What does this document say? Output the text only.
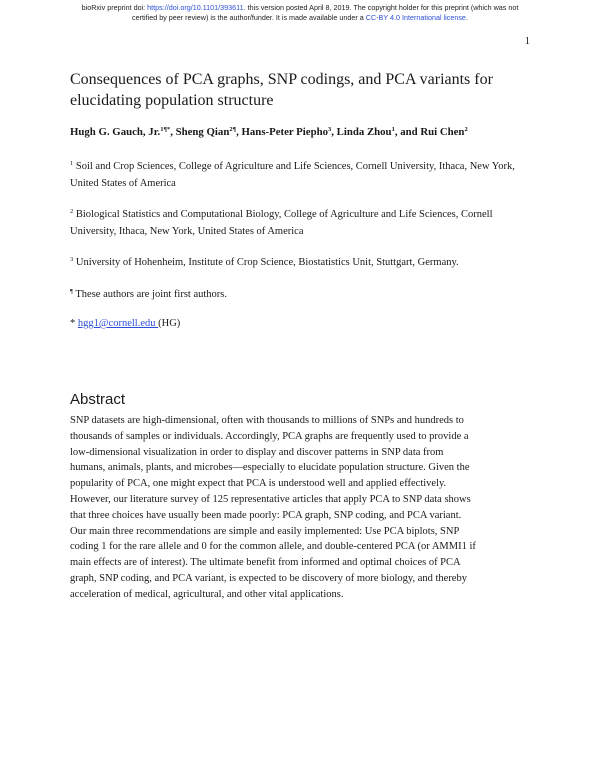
bioRxiv preprint doi: https://doi.org/10.1101/393611. this version posted April 8, 2019. The copyright holder for this preprint (which was not
certified by peer review) is the author/funder. It is made available under a CC-BY 4.0 International license.
1
Consequences of PCA graphs, SNP codings, and PCA variants for elucidating population structure
Hugh G. Gauch, Jr.$^{1\P*}$, Sheng Qian$^{2\P}$, Hans-Peter Piepho$^3$, Linda Zhou$^1$, and Rui Chen$^2$
$^1$ Soil and Crop Sciences, College of Agriculture and Life Sciences, Cornell University, Ithaca, New York, United States of America
$^2$ Biological Statistics and Computational Biology, College of Agriculture and Life Sciences, Cornell University, Ithaca, New York, United States of America
$^3$ University of Hohenheim, Institute of Crop Science, Biostatistics Unit, Stuttgart, Germany.
¶ These authors are joint first authors.
* hgg1@cornell.edu (HG)
Abstract

SNP datasets are high-dimensional, often with thousands to millions of SNPs and hundreds to
thousands of samples or individuals. Accordingly, PCA graphs are frequently used to provide a
low-dimensional visualization in order to display and discover patterns in SNP data from
humans, animals, plants, and microbes—especially to elucidate population structure. Given the
popularity of PCA, one might expect that PCA is understood well and applied effectively.
However, our literature survey of 125 representative articles that apply PCA to SNP data shows
that three choices have usually been made poorly: PCA graph, SNP coding, and PCA variant.
Our main three recommendations are simple and easily implemented: Use PCA biplots, SNP
coding 1 for the rare allele and 0 for the common allele, and double-centered PCA (or AMMI1 if
main effects are of interest). The ultimate benefit from informed and optimal choices of PCA
graph, SNP coding, and PCA variant, is expected to be discovery of more biology, and thereby
acceleration of medical, agricultural, and other vital applications.
